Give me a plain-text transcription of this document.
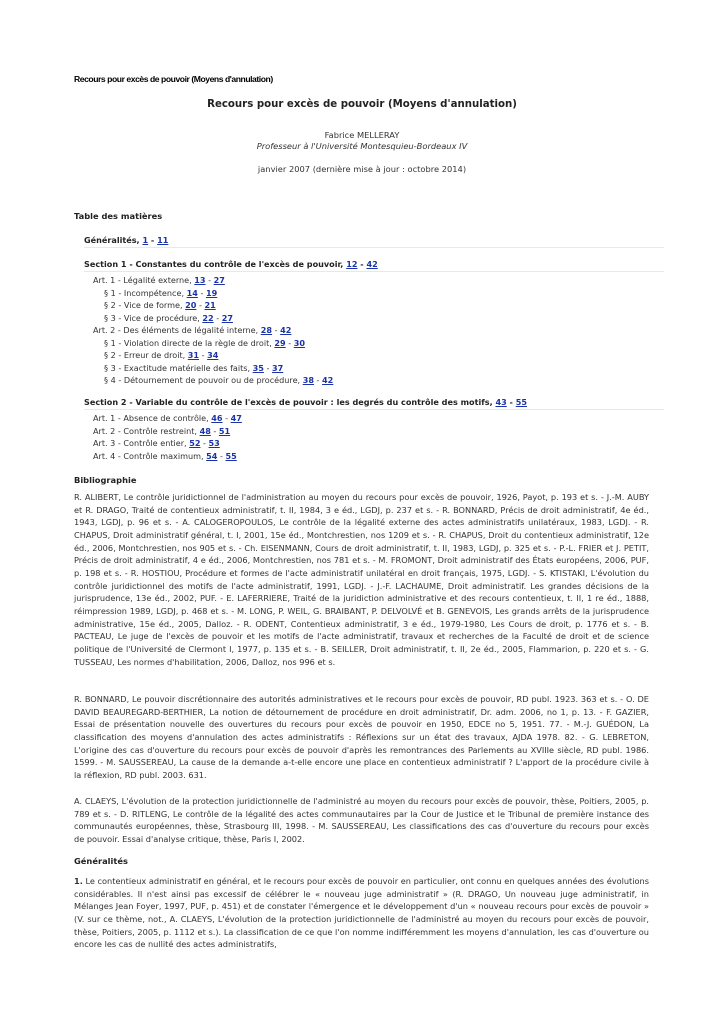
Recours pour excès de pouvoir (Moyens d'annulation)
Recours pour excès de pouvoir (Moyens d'annulation)
Fabrice MELLERAY
Professeur à l'Université Montesquieu-Bordeaux IV
janvier 2007 (dernière mise à jour : octobre 2014)
Table des matières
Généralités, 1 - 11
Section 1 - Constantes du contrôle de l'excès de pouvoir, 12 - 42
Art. 1 - Légalité externe, 13 - 27
§ 1 - Incompétence, 14 - 19
§ 2 - Vice de forme, 20 - 21
§ 3 - Vice de procédure, 22 - 27
Art. 2 - Des éléments de légalité interne, 28 - 42
§ 1 - Violation directe de la règle de droit, 29 - 30
§ 2 - Erreur de droit, 31 - 34
§ 3 - Exactitude matérielle des faits, 35 - 37
§ 4 - Détournement de pouvoir ou de procédure, 38 - 42
Section 2 - Variable du contrôle de l'excès de pouvoir : les degrés du contrôle des motifs, 43 - 55
Art. 1 - Absence de contrôle, 46 - 47
Art. 2 - Contrôle restreint, 48 - 51
Art. 3 - Contrôle entier, 52 - 53
Art. 4 - Contrôle maximum, 54 - 55
Bibliographie

R. ALIBERT, Le contrôle juridictionnel de l'administration au moyen du recours pour excès de pouvoir, 1926, Payot, p. 193 et s. - J.-M. AUBY et R. DRAGO, Traité de contentieux administratif, t. II, 1984, 3 e éd., LGDJ, p. 237 et s. - R. BONNARD, Précis de droit administratif, 4e éd., 1943, LGDJ, p. 96 et s. - A. CALOGEROPOULOS, Le contrôle de la légalité externe des actes administratifs unilatéraux, 1983, LGDJ. - R. CHAPUS, Droit administratif général, t. I, 2001, 15e éd., Montchrestien, nos 1209 et s. - R. CHAPUS, Droit du contentieux administratif, 12e éd., 2006, Montchrestien, nos 905 et s. - Ch. EISENMANN, Cours de droit administratif, t. II, 1983, LGDJ, p. 325 et s. - P.-L. FRIER et J. PETIT, Précis de droit administratif, 4 e éd., 2006, Montchrestien, nos 781 et s. - M. FROMONT, Droit administratif des États européens, 2006, PUF, p. 198 et s. - R. HOSTIOU, Procédure et formes de l'acte administratif unilatéral en droit français, 1975, LGDJ. - S. KTISTAKI, L'évolution du contrôle juridictionnel des motifs de l'acte administratif, 1991, LGDJ. - J.-F. LACHAUME, Droit administratif. Les grandes décisions de la jurisprudence, 13e éd., 2002, PUF. - E. LAFERRIERE, Traité de la juridiction administrative et des recours contentieux, t. II, 1 re éd., 1888, réimpression 1989, LGDJ, p. 468 et s. - M. LONG, P. WEIL, G. BRAIBANT, P. DELVOLVÉ et B. GENEVOIS, Les grands arrêts de la jurisprudence administrative, 15e éd., 2005, Dalloz. - R. ODENT, Contentieux administratif, 3 e éd., 1979-1980, Les Cours de droit, p. 1776 et s. - B. PACTEAU, Le juge de l'excès de pouvoir et les motifs de l'acte administratif, travaux et recherches de la Faculté de droit et de science politique de l'Université de Clermont I, 1977, p. 135 et s. - B. SEILLER, Droit administratif, t. II, 2e éd., 2005, Flammarion, p. 220 et s. - G. TUSSEAU, Les normes d'habilitation, 2006, Dalloz, nos 996 et s.

R. BONNARD, Le pouvoir discrétionnaire des autorités administratives et le recours pour excès de pouvoir, RD publ. 1923. 363 et s. - O. DE DAVID BEAUREGARD-BERTHIER, La notion de détournement de procédure en droit administratif, Dr. adm. 2006, no 1, p. 13. - F. GAZIER, Essai de présentation nouvelle des ouvertures du recours pour excès de pouvoir en 1950, EDCE no 5, 1951. 77. - M.-J. GUÉDON, La classification des moyens d'annulation des actes administratifs : Réflexions sur un état des travaux, AJDA 1978. 82. - G. LEBRETON, L'origine des cas d'ouverture du recours pour excès de pouvoir d'après les remontrances des Parlements au XVIIIe siècle, RD publ. 1986. 1599. - M. SAUSSEREAU, La cause de la demande a-t-elle encore une place en contentieux administratif ? L'apport de la procédure civile à la réflexion, RD publ. 2003. 631.

A. CLAEYS, L'évolution de la protection juridictionnelle de l'administré au moyen du recours pour excès de pouvoir, thèse, Poitiers, 2005, p. 789 et s. - D. RITLENG, Le contrôle de la légalité des actes communautaires par la Cour de Justice et le Tribunal de première instance des communautés européennes, thèse, Strasbourg III, 1998. - M. SAUSSEREAU, Les classifications des cas d'ouverture du recours pour excès de pouvoir. Essai d'analyse critique, thèse, Paris I, 2002.

Généralités

1. Le contentieux administratif en général, et le recours pour excès de pouvoir en particulier, ont connu en quelques années des évolutions considérables. Il n'est ainsi pas excessif de célébrer le « nouveau juge administratif » (R. DRAGO, Un nouveau juge administratif, in Mélanges Jean Foyer, 1997, PUF, p. 451) et de constater l'émergence et le développement d'un « nouveau recours pour excès de pouvoir » (V. sur ce thème, not., A. CLAEYS, L'évolution de la protection juridictionnelle de l'administré au moyen du recours pour excès de pouvoir, thèse, Poitiers, 2005, p. 1112 et s.). La classification de ce que l'on nomme indifféremment les moyens d'annulation, les cas d'ouverture ou encore les cas de nullité des actes administratifs,
